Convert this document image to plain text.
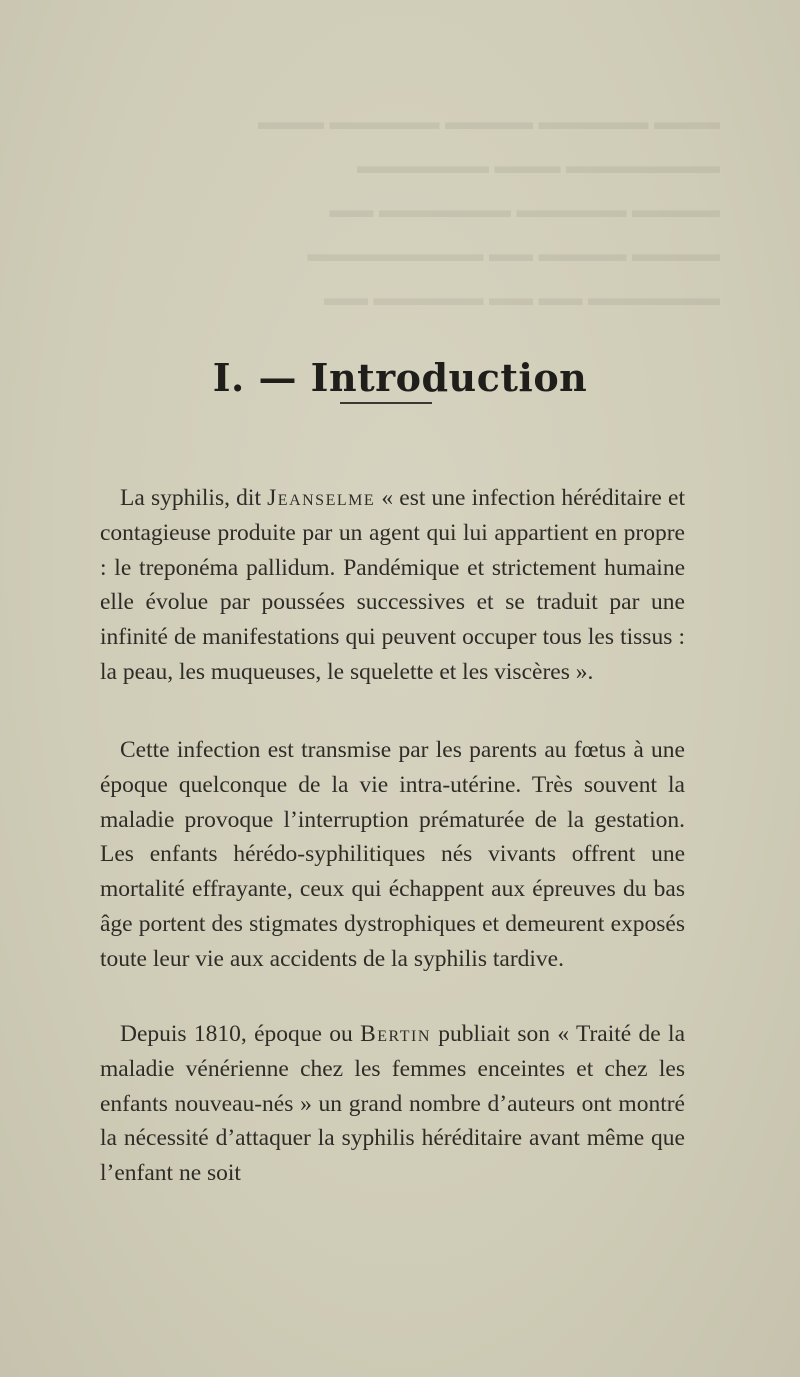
▬▬▬ ▬▬▬▬▬ ▬▬▬▬ ▬▬▬▬▬ ▬▬▬
▬▬▬▬▬▬▬ ▬▬▬ ▬▬▬▬▬▬
▬▬▬▬ ▬▬▬▬▬ ▬▬▬▬▬▬ ▬▬
▬▬▬▬ ▬▬▬▬ ▬▬ ▬▬▬▬▬▬▬▬
▬▬▬▬▬▬ ▬▬ ▬▬ ▬▬▬▬▬ ▬▬
I. — Introduction

La syphilis, dit Jeanselme « est une infection héréditaire et contagieuse produite par un agent qui lui appartient en propre : le treponéma pallidum. Pandémique et strictement humaine elle évolue par poussées successives et se traduit par une infinité de manifestations qui peuvent occuper tous les tissus : la peau, les muqueuses, le squelette et les viscères ».

Cette infection est transmise par les parents au fœtus à une époque quelconque de la vie intra-utérine. Très souvent la maladie provoque l’interruption prématurée de la gestation. Les enfants hérédo-syphilitiques nés vivants offrent une mortalité effrayante, ceux qui échappent aux épreuves du bas âge portent des stigmates dystrophiques et demeurent exposés toute leur vie aux accidents de la syphilis tardive.

Depuis 1810, époque ou Bertin publiait son « Traité de la maladie vénérienne chez les femmes enceintes et chez les enfants nouveau-nés » un grand nombre d’auteurs ont montré la nécessité d’attaquer la syphilis héréditaire avant même que l’enfant ne soit
